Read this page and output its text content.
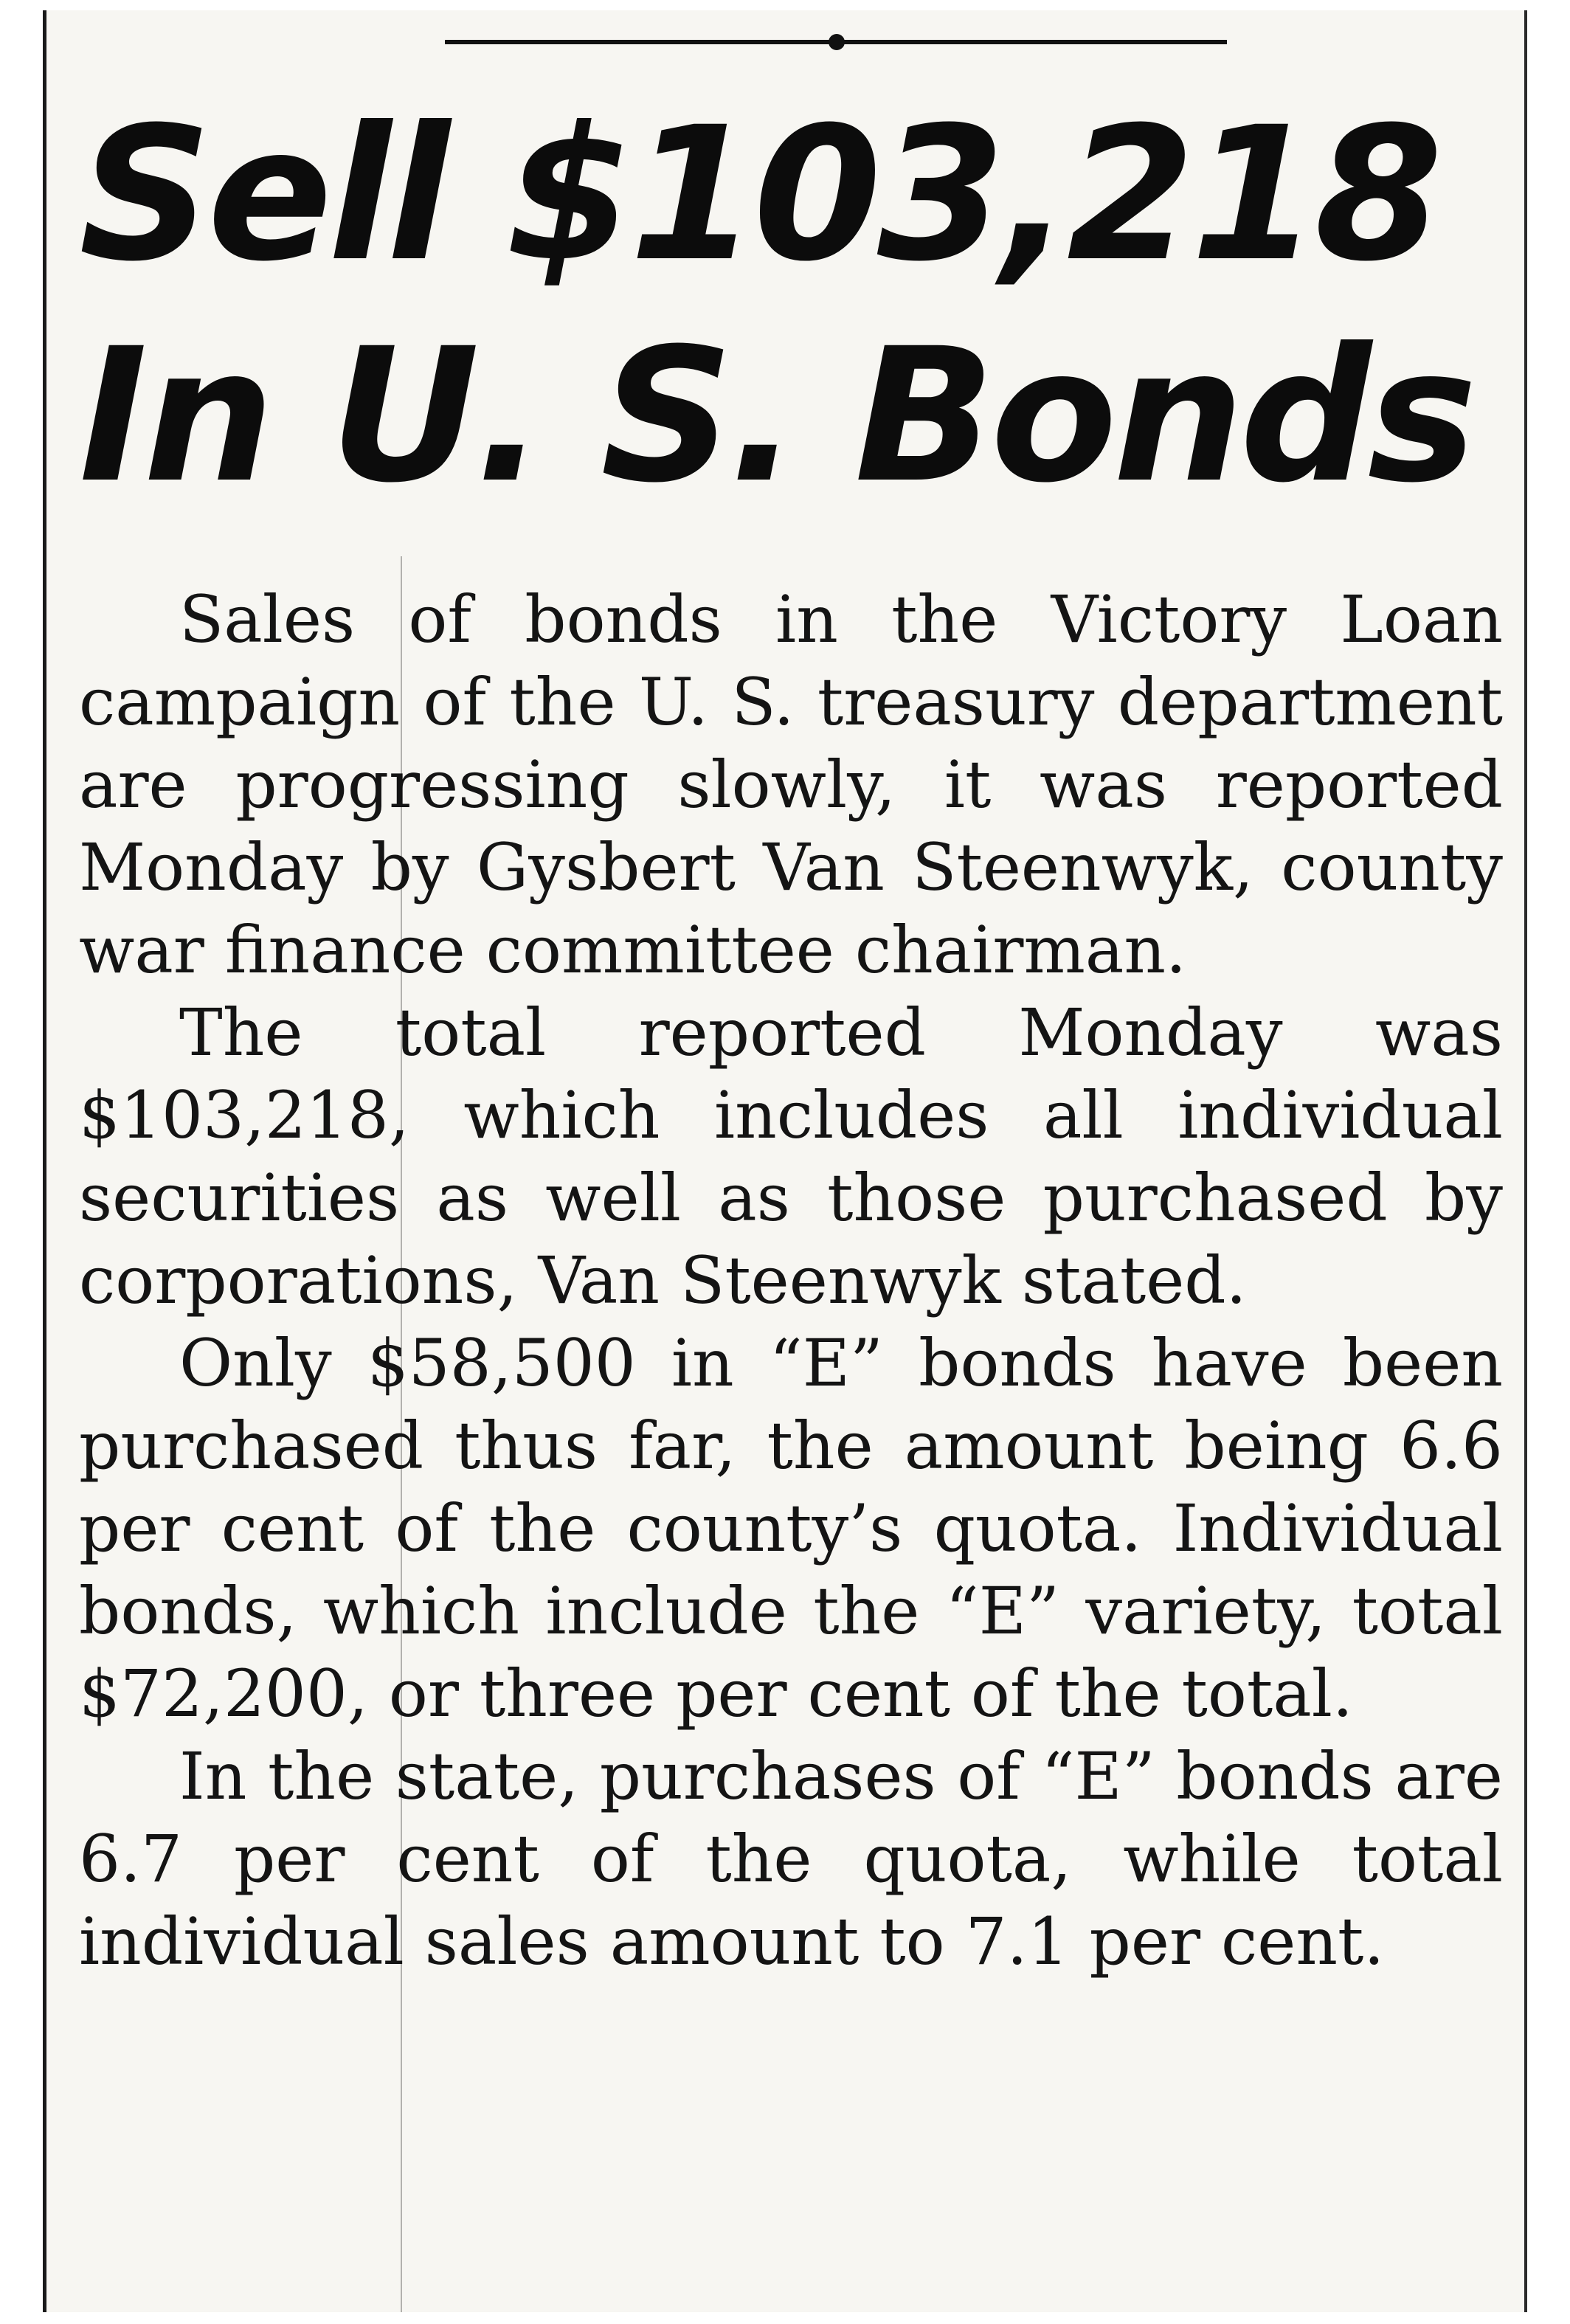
Sell $103,218
In U. S. Bonds

Sales of bonds in the Victory Loan campaign of the U. S. treasury department are progressing slowly, it was reported Monday by Gysbert Van Steenwyk, county war finance committee chairman.

The total reported Monday was $103,218, which includes all individual securities as well as those purchased by corporations, Van Steenwyk stated.

Only $58,500 in “E” bonds have been purchased thus far, the amount being 6.6 per cent of the county’s quota. Individual bonds, which include the “E” variety, total $72,200, or three per cent of the total.

In the state, purchases of “E” bonds are 6.7 per cent of the quota, while total individual sales amount to 7.1 per cent.
